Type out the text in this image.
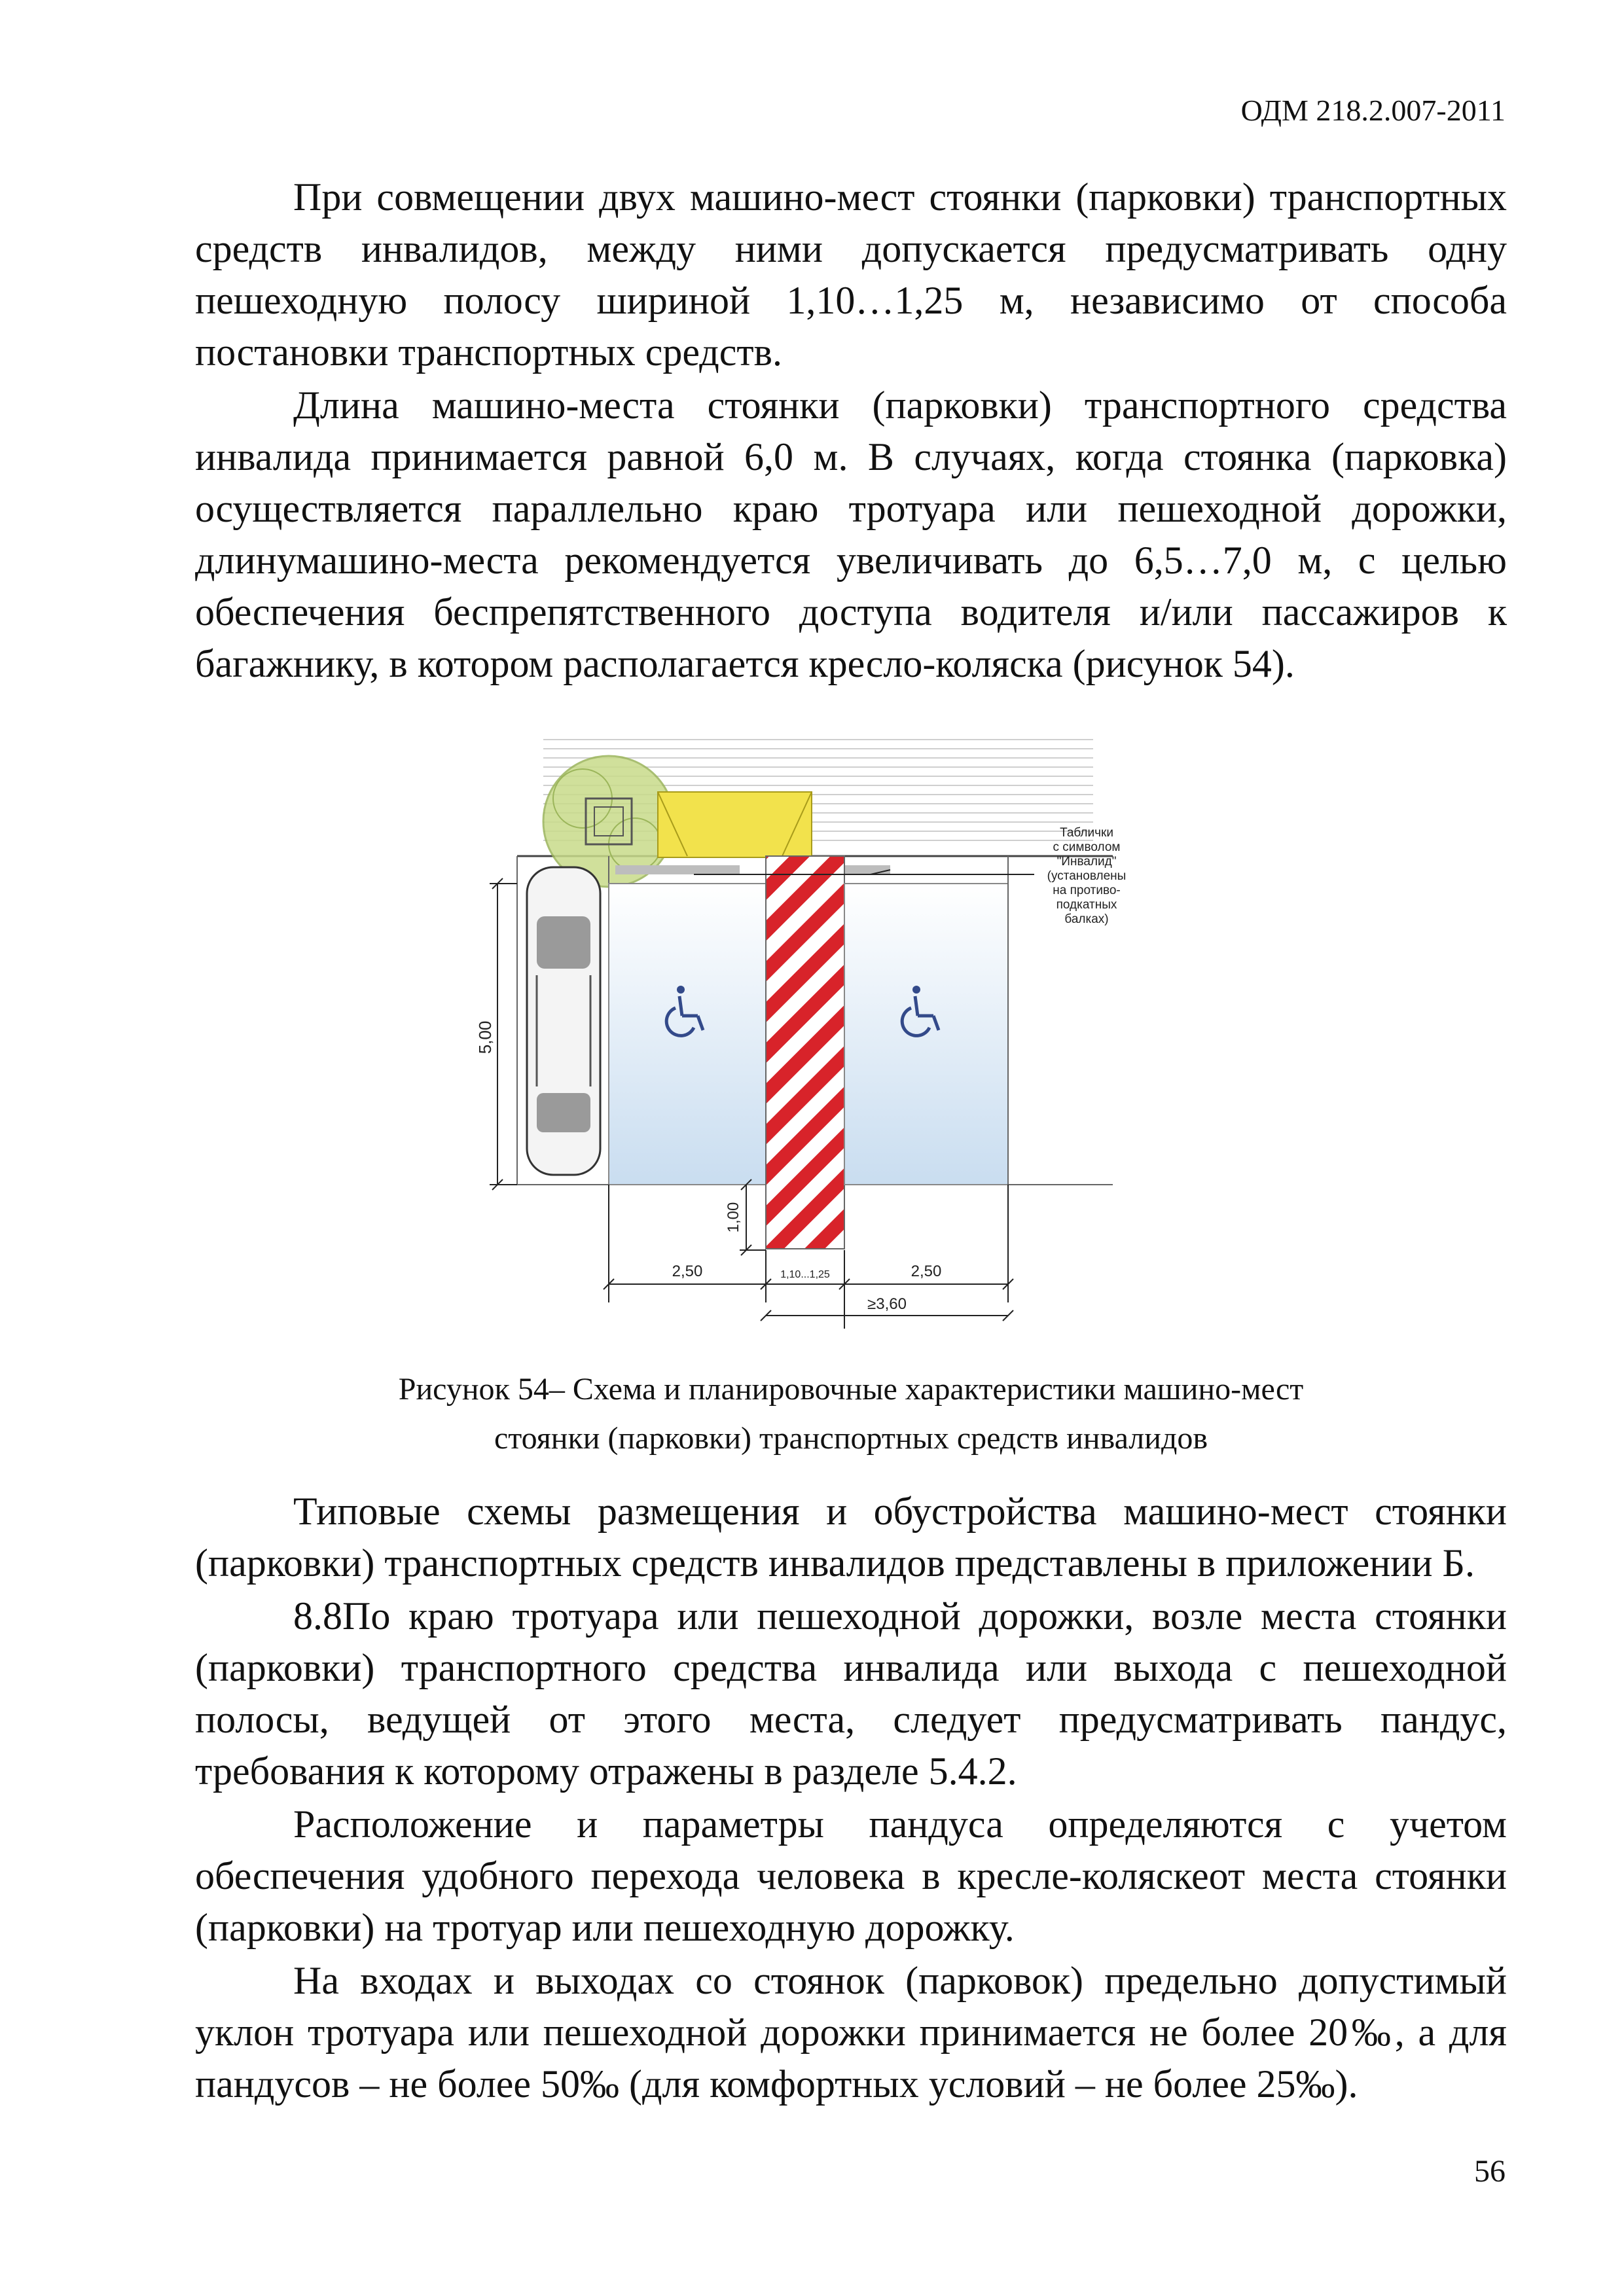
ОДМ 218.2.007-2011

При совмещении двух машино-мест стоянки (парковки) транспортных средств инвалидов, между ними допускается предусматривать одну пешеходную полосу шириной 1,10…1,25 м, независимо от способа постановки транспортных средств.

Длина машино-места стоянки (парковки) транспортного средства инвалида принимается равной 6,0 м. В случаях, когда стоянка (парковка) осуществляется параллельно краю тротуара или пешеходной дорожки, длинумашино-места рекомендуется увеличивать до 6,5…7,0 м, с целью обеспечения беспрепятственного доступа водителя и/или пассажиров к багажнику, в котором располагается кресло-коляска (рисунок 54).

Таблички
с символом
"Инвалид"
(установлены
на противо-
подкатных
балках)
5,00
1,00
2,50	1,10...1,25	2,50
≥3,60
Рисунок 54– Схема и планировочные характеристики машино-мест
стоянки (парковки) транспортных средств инвалидов

Типовые схемы размещения и обустройства машино-мест стоянки (парковки) транспортных средств инвалидов представлены в приложении Б.

8.8По краю тротуара или пешеходной дорожки, возле места стоянки (парковки) транспортного средства инвалида или выхода с пешеходной полосы, ведущей от этого места, следует предусматривать пандус, требования к которому отражены в разделе 5.4.2.

Расположение и параметры пандуса определяются с учетом обеспечения удобного перехода человека в кресле-коляскеот места стоянки (парковки) на тротуар или пешеходную дорожку.

На входах и выходах со стоянок (парковок) предельно допустимый уклон тротуара или пешеходной дорожки принимается не более 20‰, а для пандусов – не более 50‰ (для комфортных условий – не более 25‰).

56
